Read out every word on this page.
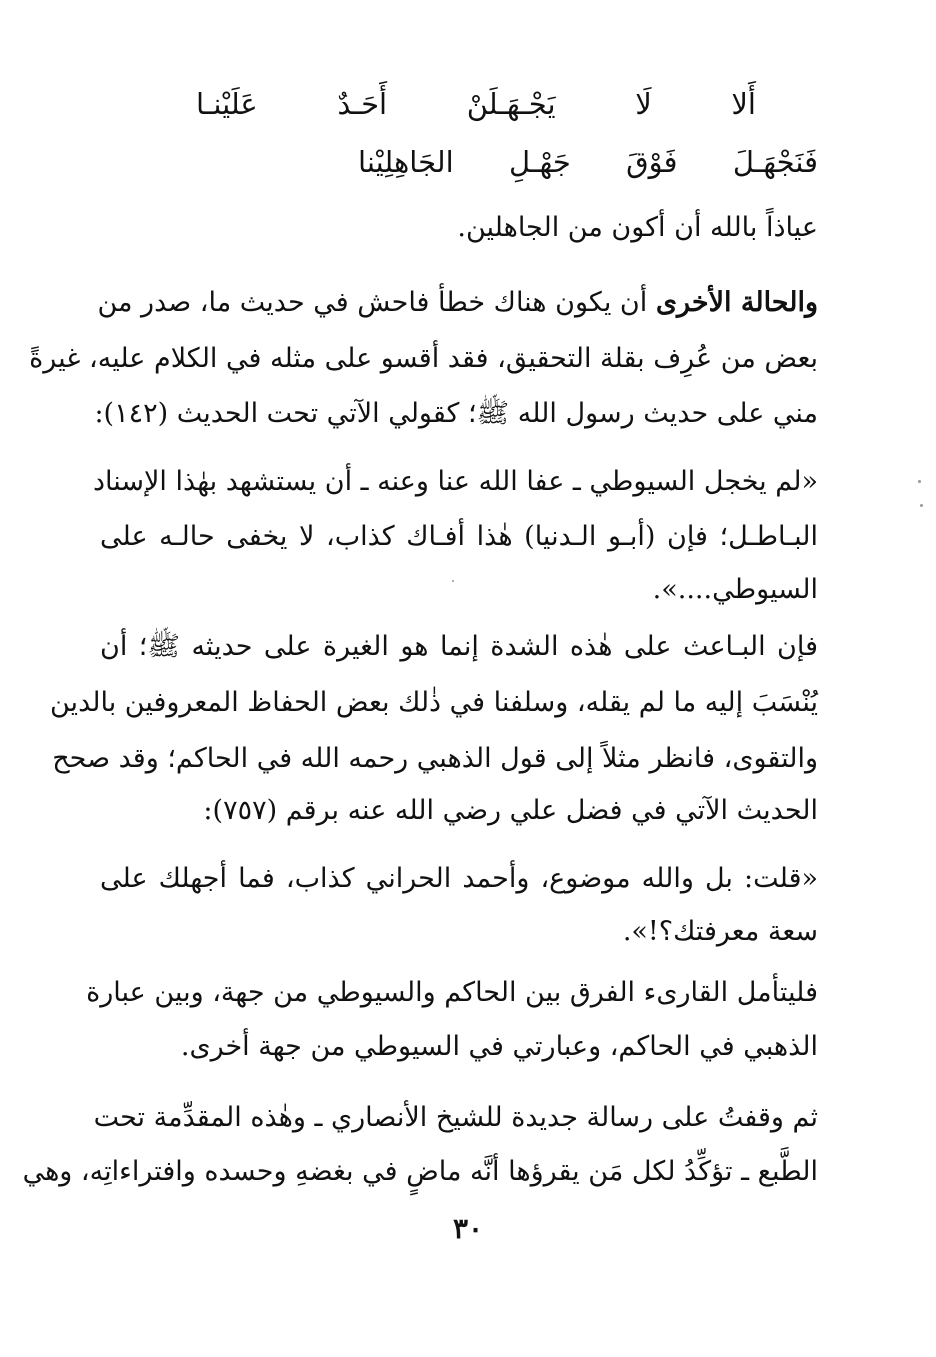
أَلا لَا يَجْـهَـلَنْ أَحَـدٌ عَلَيْنـا
فَنَجْهَـلَ فَوْقَ جَهْـلِ الجَاهِلِيْنا
عياذاً بالله أن أكون من الجاهلين.
والحالة الأخرى أن يكون هناك خطأ فاحش في حديث ما، صدر من
بعض من عُرِف بقلة التحقيق، فقد أقسو على مثله في الكلام عليه، غيرةً
مني على حديث رسول الله ﷺ؛ كقولي الآتي تحت الحديث (١٤٢):
«لم يخجل السيوطي ـ عفا الله عنا وعنه ـ أن يستشهد بهٰذا الإسناد
البـاطـل؛ فإن (أبـو الـدنيا) هٰذا أفـاك كذاب، لا يخفى حالـه على
السيوطي....».
فإن البـاعث على هٰذه الشدة إنما هو الغيرة على حديثه ﷺ؛ أن
يُنْسَبَ إليه ما لم يقله، وسلفنا في ذٰلك بعض الحفاظ المعروفين بالدين
والتقوى، فانظر مثلاً إلى قول الذهبي رحمه الله في الحاكم؛ وقد صحح
الحديث الآتي في فضل علي رضي الله عنه برقم (٧٥٧):
«قلت: بل والله موضوع، وأحمد الحراني كذاب، فما أجهلك على
سعة معرفتك؟!».
فليتأمل القارىء الفرق بين الحاكم والسيوطي من جهة، وبين عبارة
الذهبي في الحاكم، وعبارتي في السيوطي من جهة أخرى.
ثم وقفتُ على رسالة جديدة للشيخ الأنصاري ـ وهٰذه المقدِّمة تحت
الطَّبع ـ تؤكِّدُ لكل مَن يقرؤها أنَّه ماضٍ في بغضهِ وحسده وافتراءاتِه، وهي
٣٠
